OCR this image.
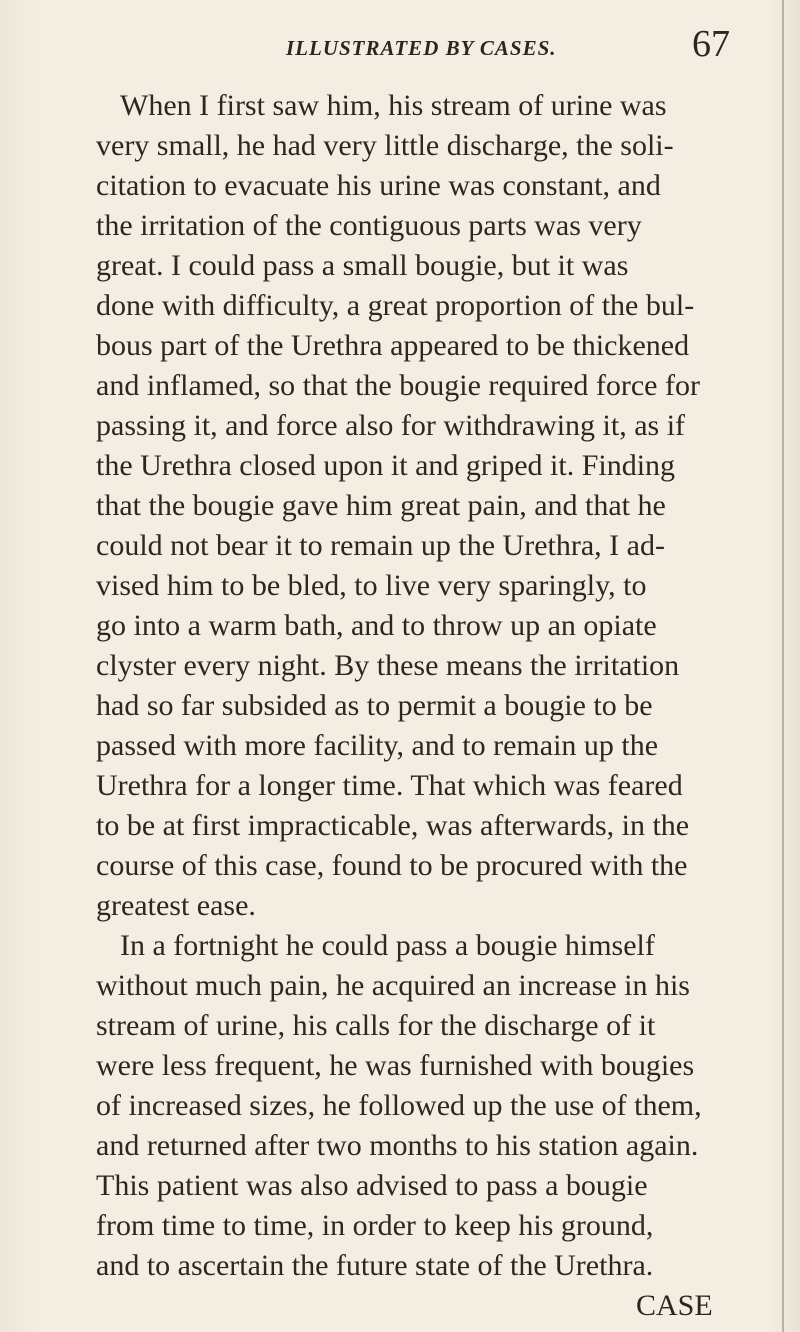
ILLUSTRATED BY CASES.	67
When I first saw him, his stream of urine was
very small, he had very little discharge, the soli-
citation to evacuate his urine was constant, and
the irritation of the contiguous parts was very
great. I could pass a small bougie, but it was
done with difficulty, a great proportion of the bul-
bous part of the Urethra appeared to be thickened
and inflamed, so that the bougie required force for
passing it, and force also for withdrawing it, as if
the Urethra closed upon it and griped it. Finding
that the bougie gave him great pain, and that he
could not bear it to remain up the Urethra, I ad-
vised him to be bled, to live very sparingly, to
go into a warm bath, and to throw up an opiate
clyster every night. By these means the irritation
had so far subsided as to permit a bougie to be
passed with more facility, and to remain up the
Urethra for a longer time. That which was feared
to be at first impracticable, was afterwards, in the
course of this case, found to be procured with the
greatest ease.
In a fortnight he could pass a bougie himself
without much pain, he acquired an increase in his
stream of urine, his calls for the discharge of it
were less frequent, he was furnished with bougies
of increased sizes, he followed up the use of them,
and returned after two months to his station again.
This patient was also advised to pass a bougie
from time to time, in order to keep his ground,
and to ascertain the future state of the Urethra.
CASE
